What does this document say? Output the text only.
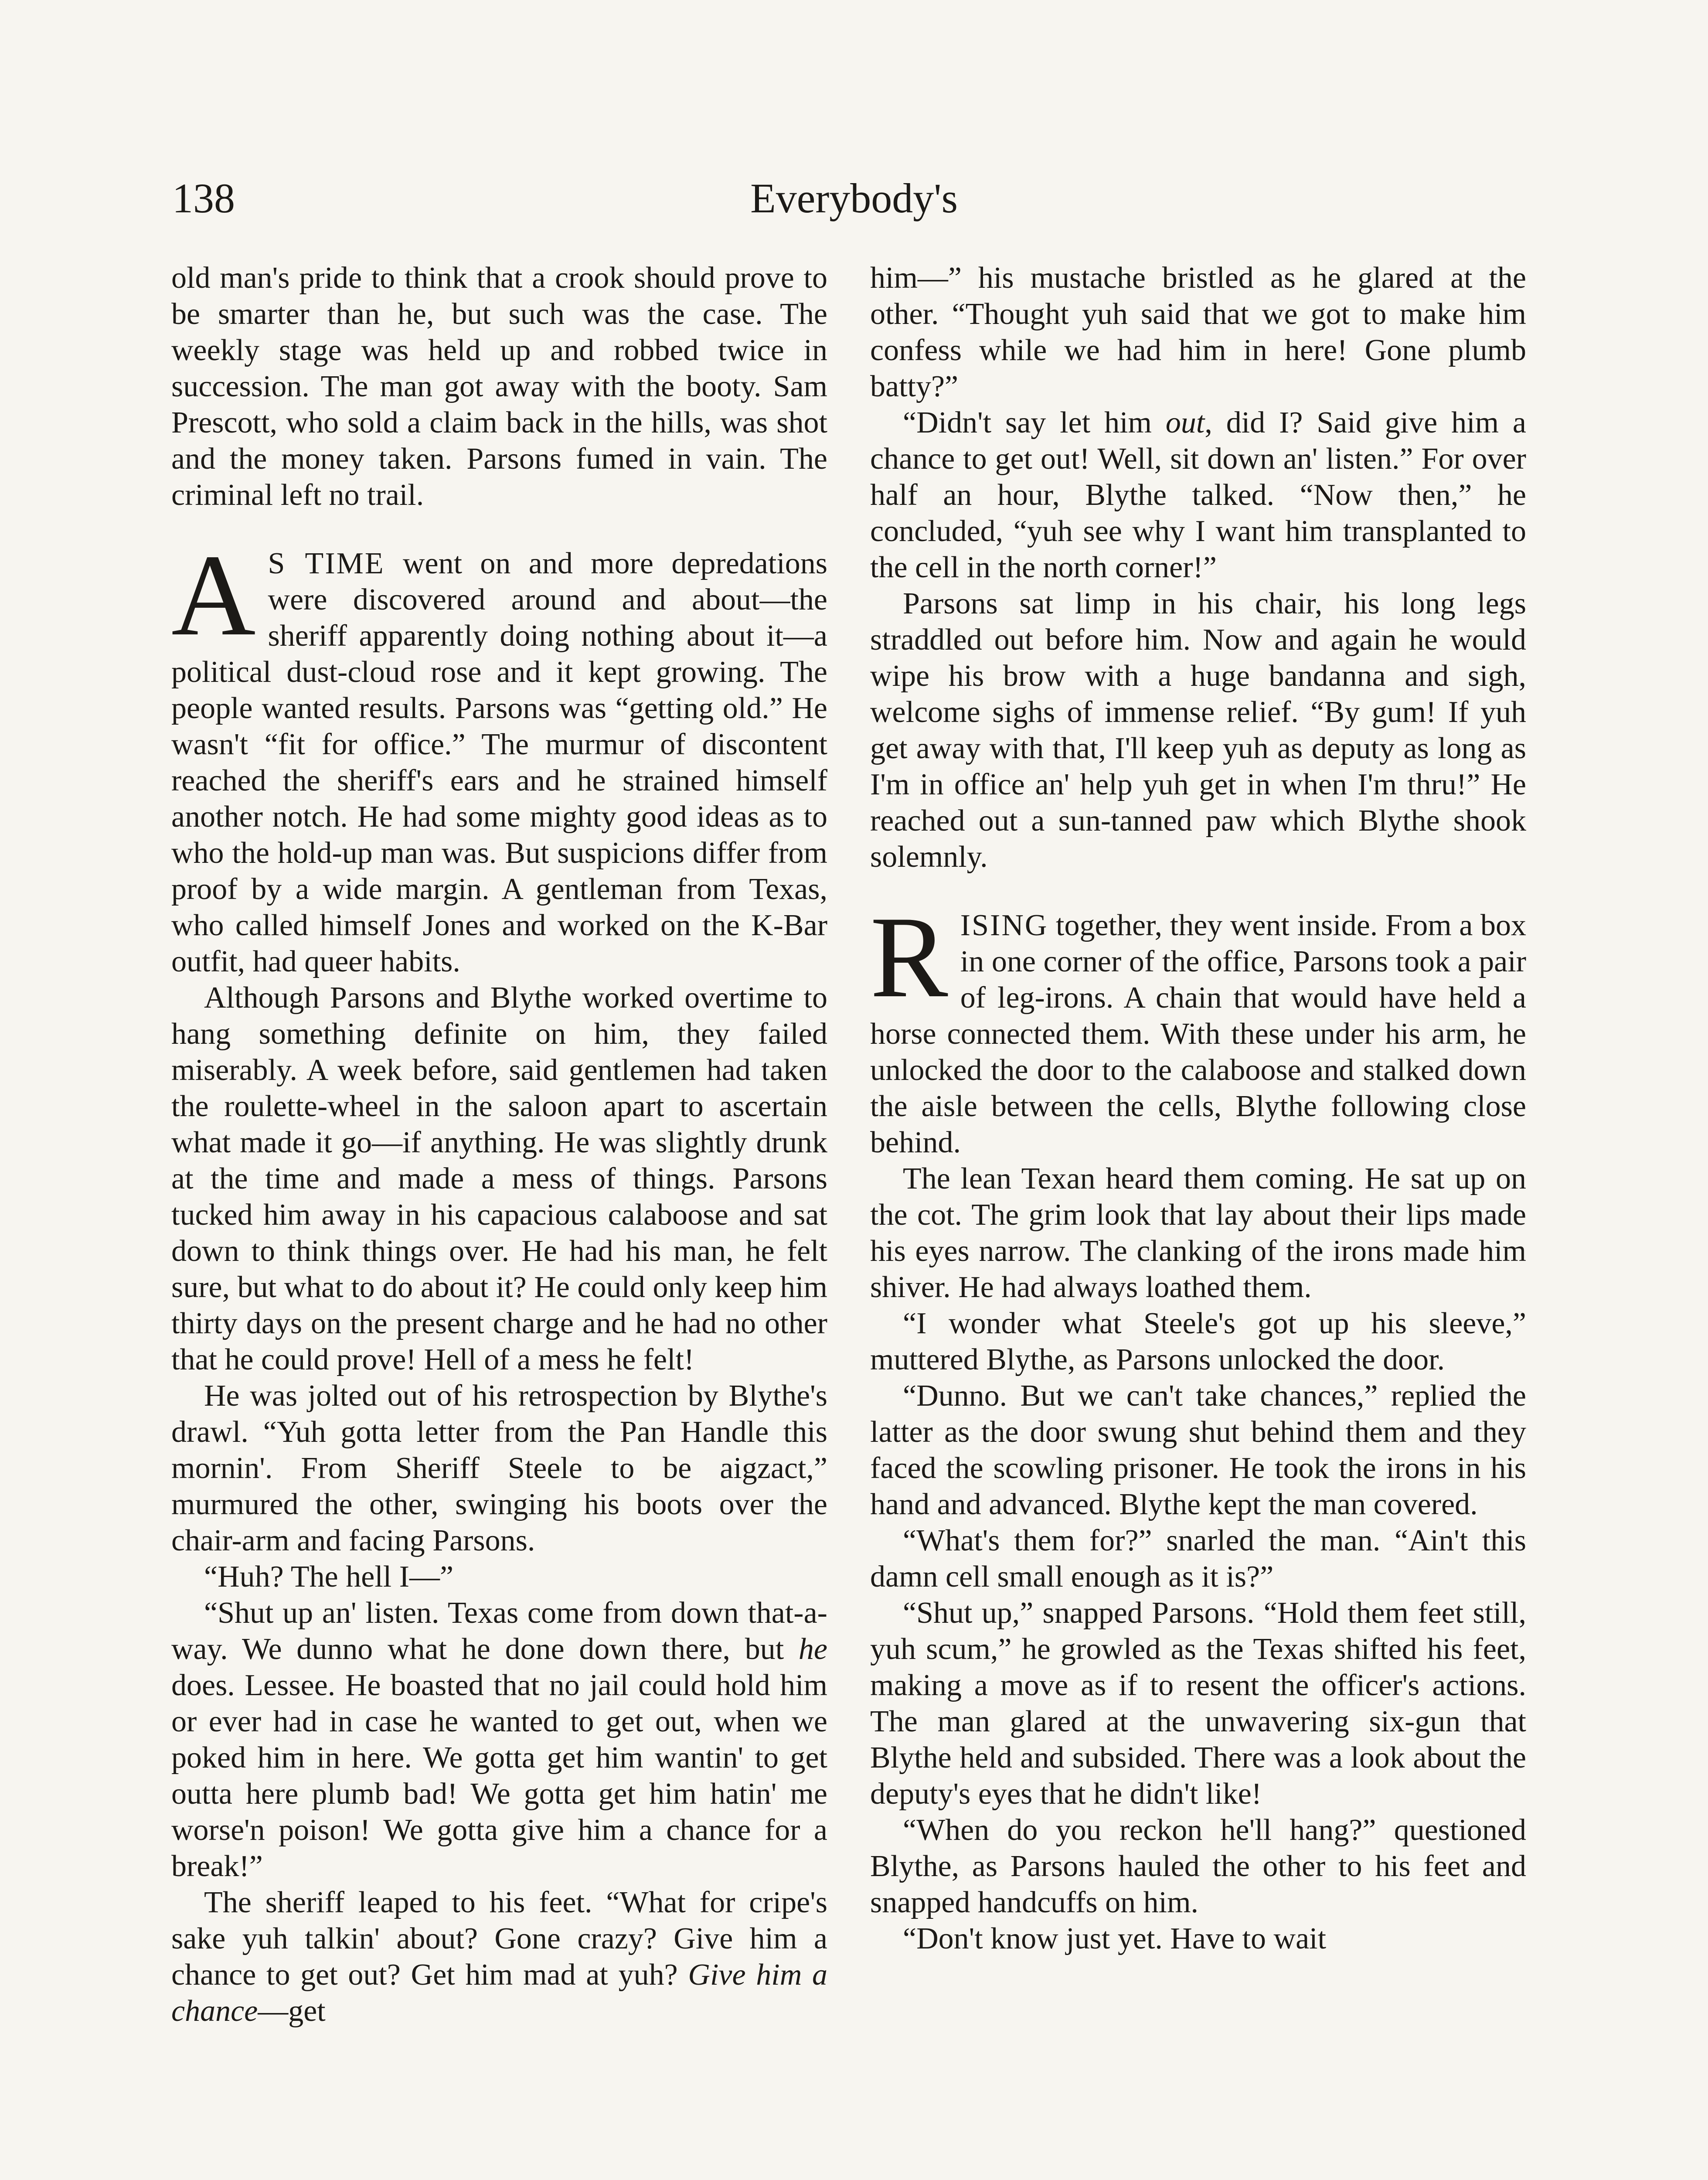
138	Everybody's

old man's pride to think that a crook should prove to be smarter than he, but such was the case. The weekly stage was held up and robbed twice in succession. The man got away with the booty. Sam Prescott, who sold a claim back in the hills, was shot and the money taken. Parsons fumed in vain. The criminal left no trail.

A S TIME went on and more depredations were discovered around and about—the sheriff apparently doing nothing about it—a political dust-cloud rose and it kept growing. The people wanted results. Parsons was “getting old.” He wasn't “fit for office.” The murmur of discontent reached the sheriff's ears and he strained himself another notch. He had some mighty good ideas as to who the hold-up man was. But suspicions differ from proof by a wide margin. A gentleman from Texas, who called himself Jones and worked on the K-Bar outfit, had queer habits.

Although Parsons and Blythe worked overtime to hang something definite on him, they failed miserably. A week before, said gentlemen had taken the roulette-wheel in the saloon apart to ascertain what made it go—if anything. He was slightly drunk at the time and made a mess of things. Parsons tucked him away in his capacious calaboose and sat down to think things over. He had his man, he felt sure, but what to do about it? He could only keep him thirty days on the present charge and he had no other that he could prove! Hell of a mess he felt!

He was jolted out of his retrospection by Blythe's drawl. “Yuh gotta letter from the Pan Handle this mornin'. From Sheriff Steele to be aigzact,” murmured the other, swinging his boots over the chair-arm and facing Parsons.

“Huh? The hell I—”

“Shut up an' listen. Texas come from down that-a-way. We dunno what he done down there, but he does. Lessee. He boasted that no jail could hold him or ever had in case he wanted to get out, when we poked him in here. We gotta get him wantin' to get outta here plumb bad! We gotta get him hatin' me worse'n poison! We gotta give him a chance for a break!”

The sheriff leaped to his feet. “What for cripe's sake yuh talkin' about? Gone crazy? Give him a chance to get out? Get him mad at yuh? Give him a chance—get

him—” his mustache bristled as he glared at the other. “Thought yuh said that we got to make him confess while we had him in here! Gone plumb batty?”

“Didn't say let him out, did I? Said give him a chance to get out! Well, sit down an' listen.” For over half an hour, Blythe talked. “Now then,” he concluded, “yuh see why I want him transplanted to the cell in the north corner!”

Parsons sat limp in his chair, his long legs straddled out before him. Now and again he would wipe his brow with a huge bandanna and sigh, welcome sighs of immense relief. “By gum! If yuh get away with that, I'll keep yuh as deputy as long as I'm in office an' help yuh get in when I'm thru!” He reached out a sun-tanned paw which Blythe shook solemnly.

RISING together, they went inside. From a box in one corner of the office, Parsons took a pair of leg-irons. A chain that would have held a horse connected them. With these under his arm, he unlocked the door to the calaboose and stalked down the aisle between the cells, Blythe following close behind.

The lean Texan heard them coming. He sat up on the cot. The grim look that lay about their lips made his eyes narrow. The clanking of the irons made him shiver. He had always loathed them.

“I wonder what Steele's got up his sleeve,” muttered Blythe, as Parsons unlocked the door.

“Dunno. But we can't take chances,” replied the latter as the door swung shut behind them and they faced the scowling prisoner. He took the irons in his hand and advanced. Blythe kept the man covered.

“What's them for?” snarled the man. “Ain't this damn cell small enough as it is?”

“Shut up,” snapped Parsons. “Hold them feet still, yuh scum,” he growled as the Texas shifted his feet, making a move as if to resent the officer's actions. The man glared at the unwavering six-gun that Blythe held and subsided. There was a look about the deputy's eyes that he didn't like!

“When do you reckon he'll hang?” questioned Blythe, as Parsons hauled the other to his feet and snapped handcuffs on him.

“Don't know just yet. Have to wait
